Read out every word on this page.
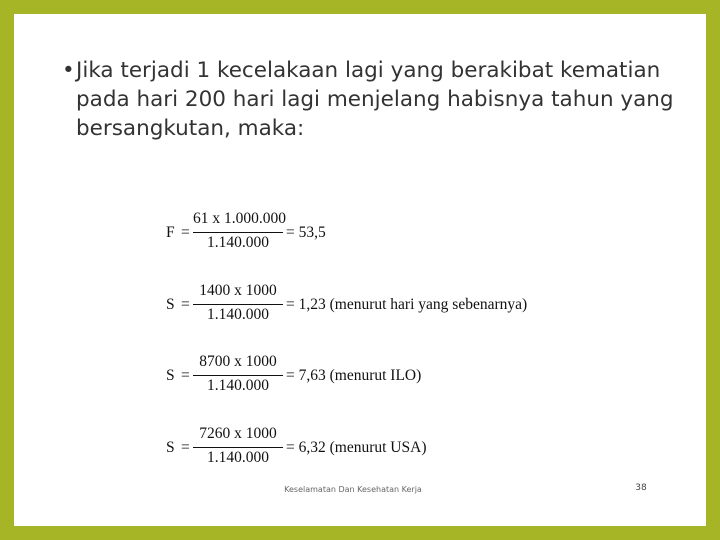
•Jika terjadi 1 kecelakaan lagi yang berakibat kematian pada hari 200 hari lagi menjelang habisnya tahun yang bersangkutan, maka:
F =
61 x 1.000.000
1.140.000
= 53,5
S =
1400 x 1000
1.140.000
= 1,23 (menurut hari yang sebenarnya)
S =
8700 x 1000
1.140.000
= 7,63 (menurut ILO)
S =
7260 x 1000
1.140.000
= 6,32 (menurut USA)
Keselamatan Dan Kesehatan Kerja	38
